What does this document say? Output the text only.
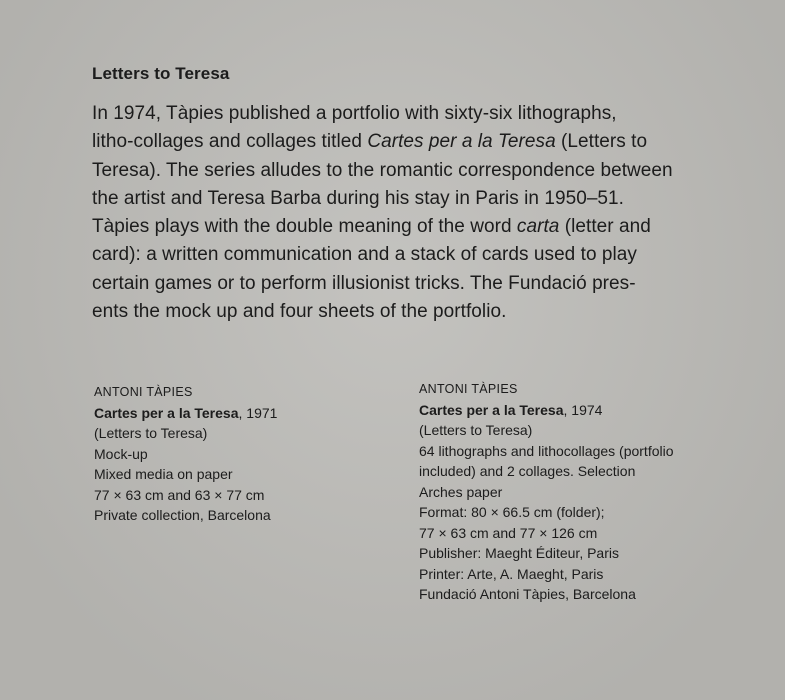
Letters to Teresa
In 1974, Tàpies published a portfolio with sixty-six lithographs,
litho-collages and collages titled Cartes per a la Teresa (Letters to
Teresa). The series alludes to the romantic correspondence between
the artist and Teresa Barba during his stay in Paris in 1950–51.
Tàpies plays with the double meaning of the word carta (letter and
card): a written communication and a stack of cards used to play
certain games or to perform illusionist tricks. The Fundació pres-
ents the mock up and four sheets of the portfolio.
ANTONI TÀPIES
Cartes per a la Teresa, 1971
(Letters to Teresa)
Mock-up
Mixed media on paper
77 × 63 cm and 63 × 77 cm
Private collection, Barcelona
ANTONI TÀPIES
Cartes per a la Teresa, 1974
(Letters to Teresa)
64 lithographs and lithocollages (portfolio
included) and 2 collages. Selection
Arches paper
Format: 80 × 66.5 cm (folder);
77 × 63 cm and 77 × 126 cm
Publisher: Maeght Éditeur, Paris
Printer: Arte, A. Maeght, Paris
Fundació Antoni Tàpies, Barcelona
